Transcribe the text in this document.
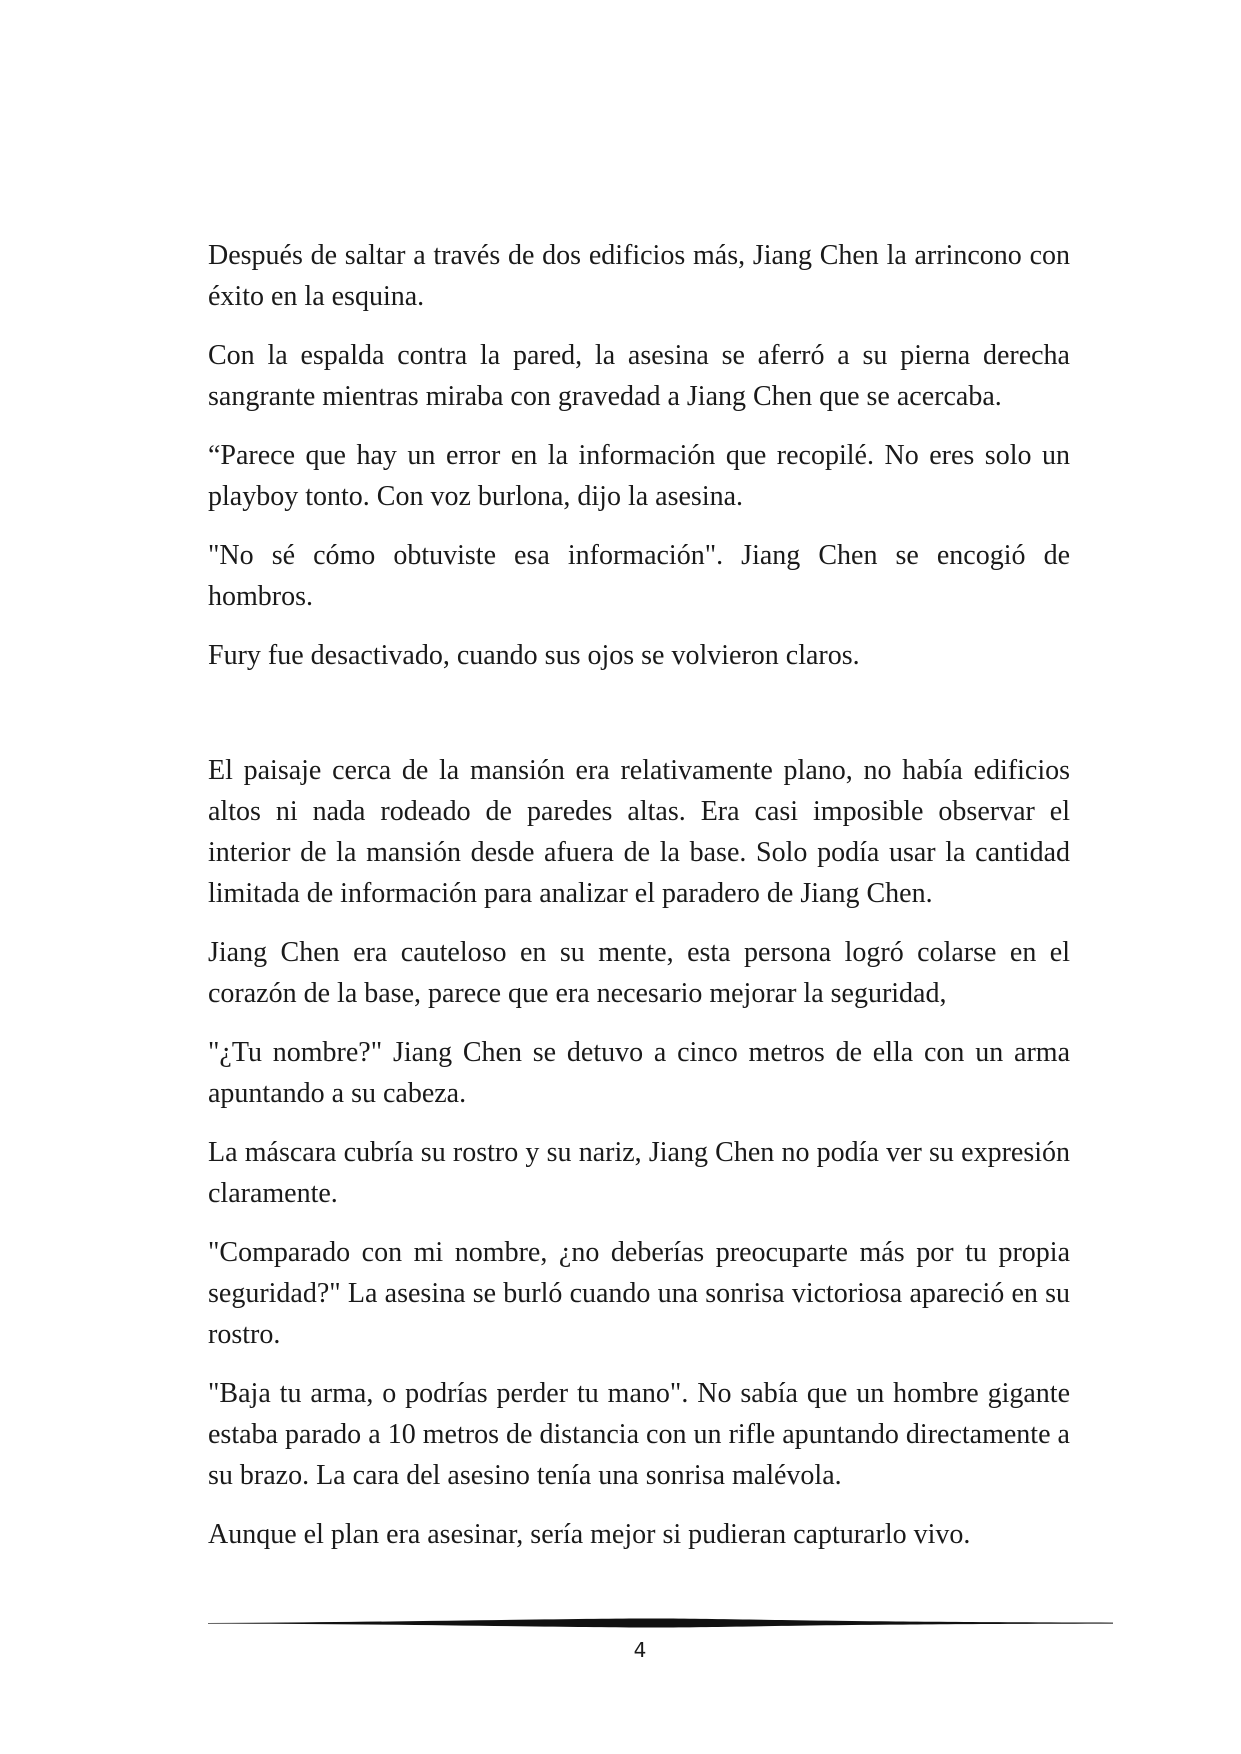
Después de saltar a través de dos edificios más, Jiang Chen la arrincono con éxito en la esquina.

Con la espalda contra la pared, la asesina se aferró a su pierna derecha sangrante mientras miraba con gravedad a Jiang Chen que se acercaba.

“Parece que hay un error en la información que recopilé. No eres solo un playboy tonto. Con voz burlona, dijo la asesina.

"No sé cómo obtuviste esa información". Jiang Chen se encogió de hombros.

Fury fue desactivado, cuando sus ojos se volvieron claros.

El paisaje cerca de la mansión era relativamente plano, no había edificios altos ni nada rodeado de paredes altas. Era casi imposible observar el interior de la mansión desde afuera de la base. Solo podía usar la cantidad limitada de información para analizar el paradero de Jiang Chen.

Jiang Chen era cauteloso en su mente, esta persona logró colarse en el corazón de la base, parece que era necesario mejorar la seguridad,

"¿Tu nombre?" Jiang Chen se detuvo a cinco metros de ella con un arma apuntando a su cabeza.

La máscara cubría su rostro y su nariz, Jiang Chen no podía ver su expresión claramente.

"Comparado con mi nombre, ¿no deberías preocuparte más por tu propia seguridad?" La asesina se burló cuando una sonrisa victoriosa apareció en su rostro.

"Baja tu arma, o podrías perder tu mano". No sabía que un hombre gigante estaba parado a 10 metros de distancia con un rifle apuntando directamente a su brazo. La cara del asesino tenía una sonrisa malévola.

Aunque el plan era asesinar, sería mejor si pudieran capturarlo vivo.

4
